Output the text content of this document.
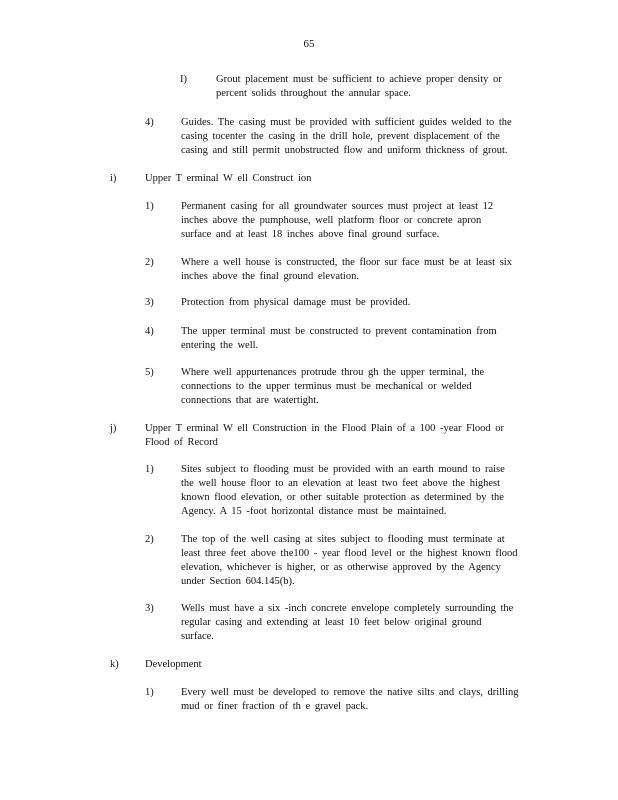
65
I)	Grout placement must be sufficient to achieve proper density or
percent solids throughout the annular space.
4)	Guides. The casing must be provided with sufficient guides welded to the
casing tocenter the casing in the drill hole, prevent displacement of the
casing and still permit unobstructed flow and uniform thickness of grout.
i)	Upper T erminal W ell Construct ion
1)	Permanent casing for all groundwater sources must project at least 12
inches above the pumphouse, well platform floor or concrete apron
surface and at least 18 inches above final ground surface.
2)	Where a well house is constructed, the floor sur face must be at least six
inches above the final ground elevation.
3)	Protection from physical damage must be provided.
4)	The upper terminal must be constructed to prevent contamination from
entering the well.
5)	Where well appurtenances protrude throu gh the upper terminal, the
connections to the upper terminus must be mechanical or welded
connections that are watertight.
j)	Upper T erminal W ell Construction in the Flood Plain of a 100 -year Flood or
Flood of Record
1)	Sites subject to flooding must be provided with an earth mound to raise
the well house floor to an elevation at least two feet above the highest
known flood elevation, or other suitable protection as determined by the
Agency. A 15 -foot horizontal distance must be maintained.
2)	The top of the well casing at sites subject to flooding must terminate at
least three feet above the100 - year flood level or the highest known flood
elevation, whichever is higher, or as otherwise approved by the Agency
under Section 604.145(b).
3)	Wells must have a six -inch concrete envelope completely surrounding the
regular casing and extending at least 10 feet below original ground
surface.
k)	Development
1)	Every well must be developed to remove the native silts and clays, drilling
mud or finer fraction of th e gravel pack.
